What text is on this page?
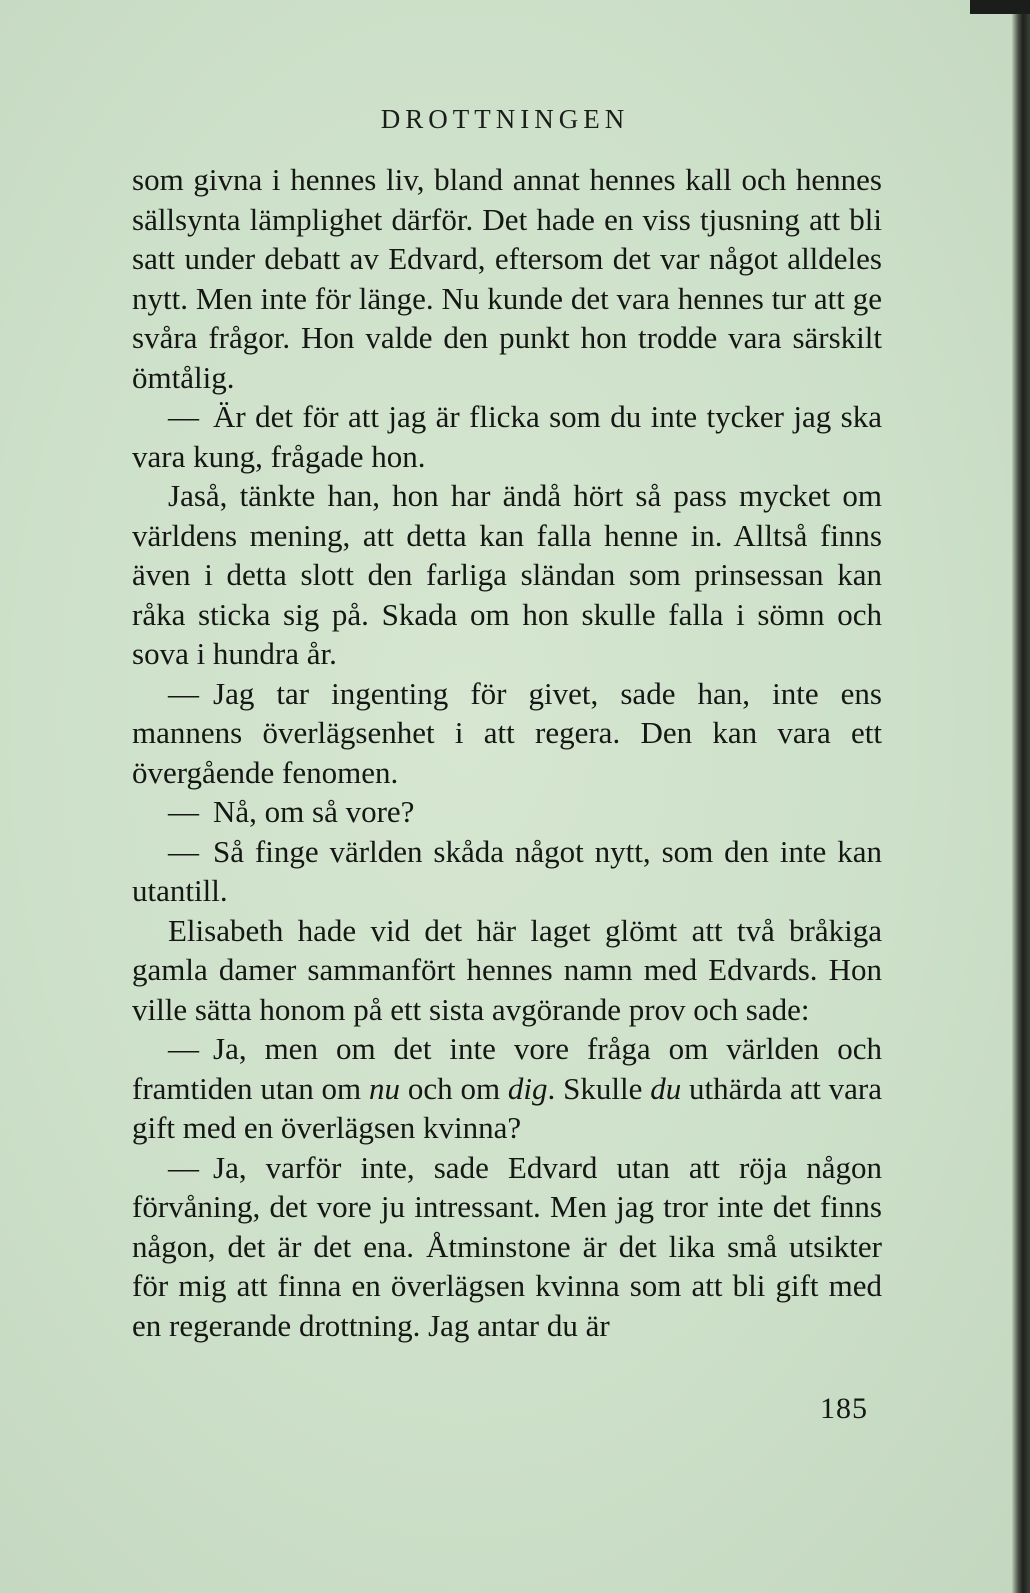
DROTTNINGEN

som givna i hennes liv, bland annat hennes kall och hennes sällsynta lämplighet därför. Det hade en viss tjusning att bli satt under debatt av Edvard, eftersom det var något alldeles nytt. Men inte för länge. Nu kunde det vara hennes tur att ge svåra frågor. Hon valde den punkt hon trodde vara särskilt ömtålig.

— Är det för att jag är flicka som du inte tycker jag ska vara kung, frågade hon.

Jaså, tänkte han, hon har ändå hört så pass mycket om världens mening, att detta kan falla henne in. Alltså finns även i detta slott den farliga sländan som prinsessan kan råka sticka sig på. Skada om hon skulle falla i sömn och sova i hundra år.

— Jag tar ingenting för givet, sade han, inte ens mannens överlägsenhet i att regera. Den kan vara ett övergående fenomen.

— Nå, om så vore?

— Så finge världen skåda något nytt, som den inte kan utantill.

Elisabeth hade vid det här laget glömt att två bråkiga gamla damer sammanfört hennes namn med Edvards. Hon ville sätta honom på ett sista avgörande prov och sade:

— Ja, men om det inte vore fråga om världen och framtiden utan om nu och om dig. Skulle du uthärda att vara gift med en överlägsen kvinna?

— Ja, varför inte, sade Edvard utan att röja någon förvåning, det vore ju intressant. Men jag tror inte det finns någon, det är det ena. Åtminstone är det lika små utsikter för mig att finna en överlägsen kvinna som att bli gift med en regerande drottning. Jag antar du är

185
